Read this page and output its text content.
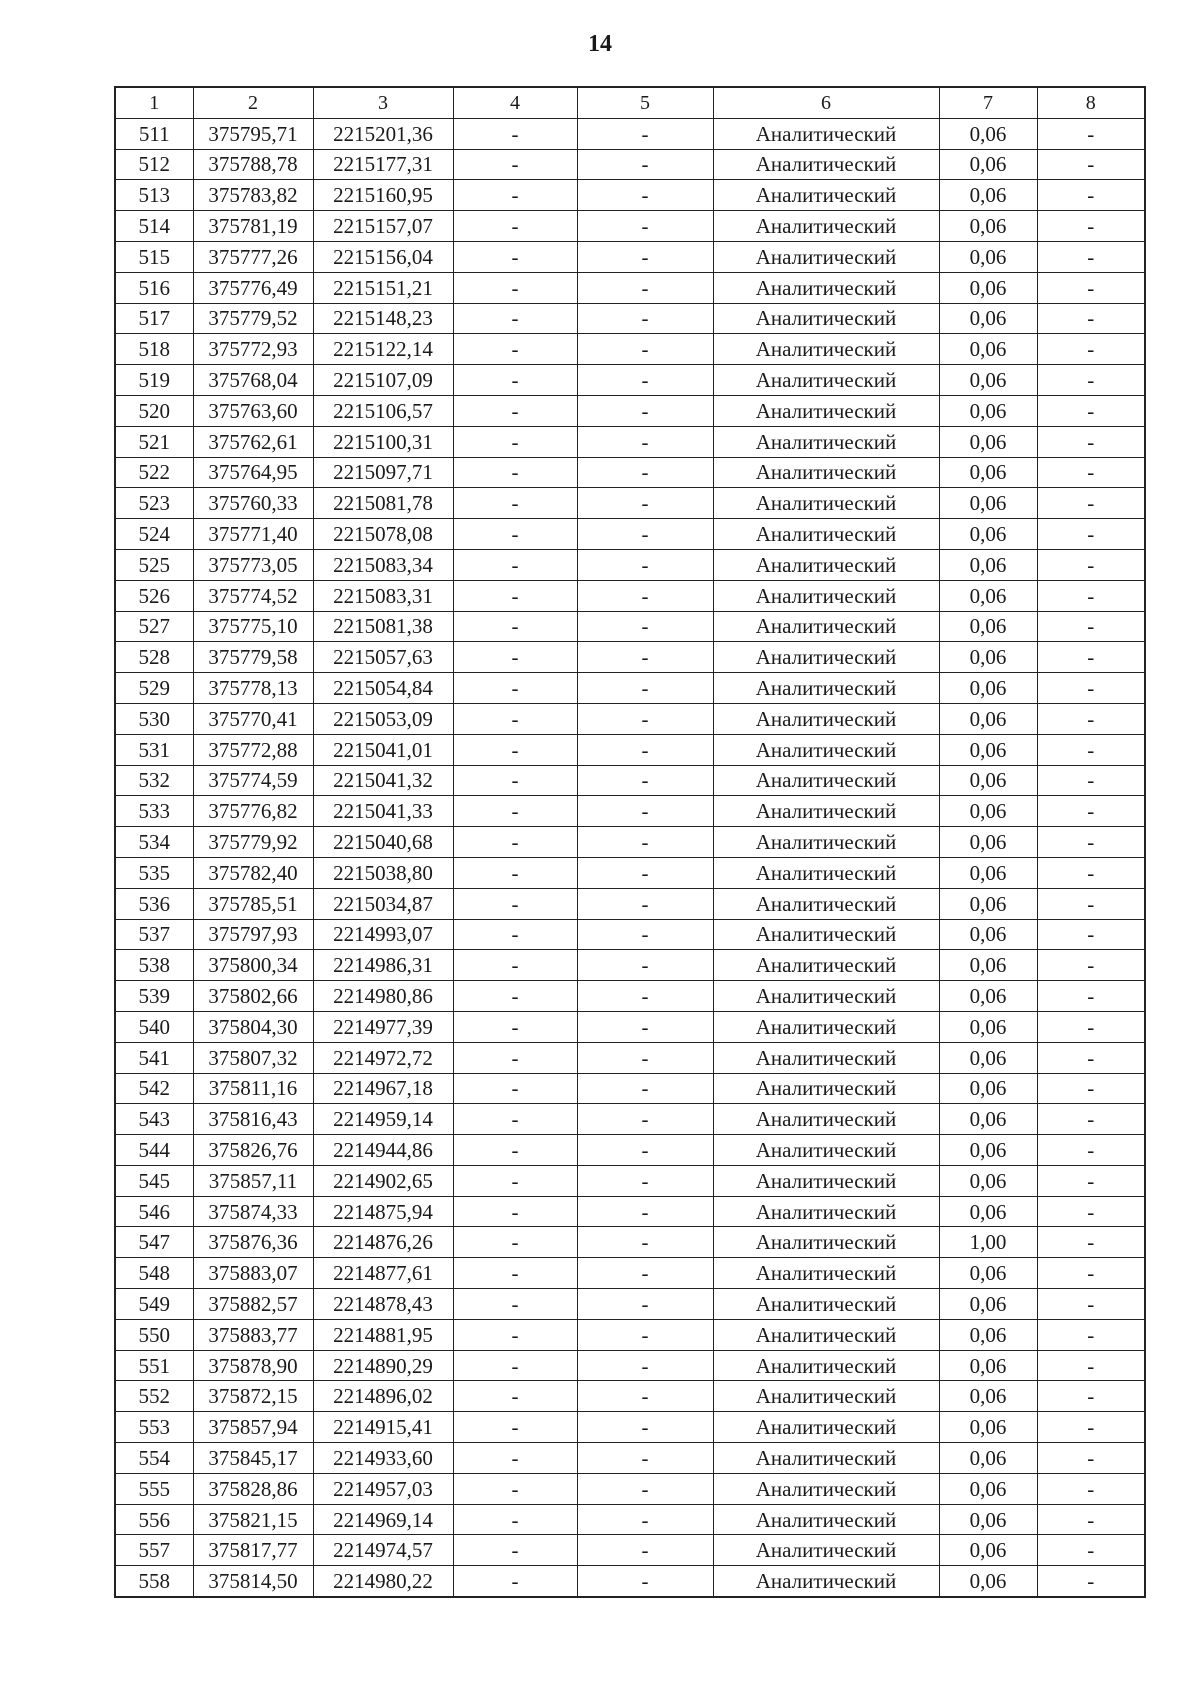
14
1	2	3	4	5	6	7	8
511	375795,71	2215201,36	-	-	Аналитический	0,06	-
512	375788,78	2215177,31	-	-	Аналитический	0,06	-
513	375783,82	2215160,95	-	-	Аналитический	0,06	-
514	375781,19	2215157,07	-	-	Аналитический	0,06	-
515	375777,26	2215156,04	-	-	Аналитический	0,06	-
516	375776,49	2215151,21	-	-	Аналитический	0,06	-
517	375779,52	2215148,23	-	-	Аналитический	0,06	-
518	375772,93	2215122,14	-	-	Аналитический	0,06	-
519	375768,04	2215107,09	-	-	Аналитический	0,06	-
520	375763,60	2215106,57	-	-	Аналитический	0,06	-
521	375762,61	2215100,31	-	-	Аналитический	0,06	-
522	375764,95	2215097,71	-	-	Аналитический	0,06	-
523	375760,33	2215081,78	-	-	Аналитический	0,06	-
524	375771,40	2215078,08	-	-	Аналитический	0,06	-
525	375773,05	2215083,34	-	-	Аналитический	0,06	-
526	375774,52	2215083,31	-	-	Аналитический	0,06	-
527	375775,10	2215081,38	-	-	Аналитический	0,06	-
528	375779,58	2215057,63	-	-	Аналитический	0,06	-
529	375778,13	2215054,84	-	-	Аналитический	0,06	-
530	375770,41	2215053,09	-	-	Аналитический	0,06	-
531	375772,88	2215041,01	-	-	Аналитический	0,06	-
532	375774,59	2215041,32	-	-	Аналитический	0,06	-
533	375776,82	2215041,33	-	-	Аналитический	0,06	-
534	375779,92	2215040,68	-	-	Аналитический	0,06	-
535	375782,40	2215038,80	-	-	Аналитический	0,06	-
536	375785,51	2215034,87	-	-	Аналитический	0,06	-
537	375797,93	2214993,07	-	-	Аналитический	0,06	-
538	375800,34	2214986,31	-	-	Аналитический	0,06	-
539	375802,66	2214980,86	-	-	Аналитический	0,06	-
540	375804,30	2214977,39	-	-	Аналитический	0,06	-
541	375807,32	2214972,72	-	-	Аналитический	0,06	-
542	375811,16	2214967,18	-	-	Аналитический	0,06	-
543	375816,43	2214959,14	-	-	Аналитический	0,06	-
544	375826,76	2214944,86	-	-	Аналитический	0,06	-
545	375857,11	2214902,65	-	-	Аналитический	0,06	-
546	375874,33	2214875,94	-	-	Аналитический	0,06	-
547	375876,36	2214876,26	-	-	Аналитический	1,00	-
548	375883,07	2214877,61	-	-	Аналитический	0,06	-
549	375882,57	2214878,43	-	-	Аналитический	0,06	-
550	375883,77	2214881,95	-	-	Аналитический	0,06	-
551	375878,90	2214890,29	-	-	Аналитический	0,06	-
552	375872,15	2214896,02	-	-	Аналитический	0,06	-
553	375857,94	2214915,41	-	-	Аналитический	0,06	-
554	375845,17	2214933,60	-	-	Аналитический	0,06	-
555	375828,86	2214957,03	-	-	Аналитический	0,06	-
556	375821,15	2214969,14	-	-	Аналитический	0,06	-
557	375817,77	2214974,57	-	-	Аналитический	0,06	-
558	375814,50	2214980,22	-	-	Аналитический	0,06	-
